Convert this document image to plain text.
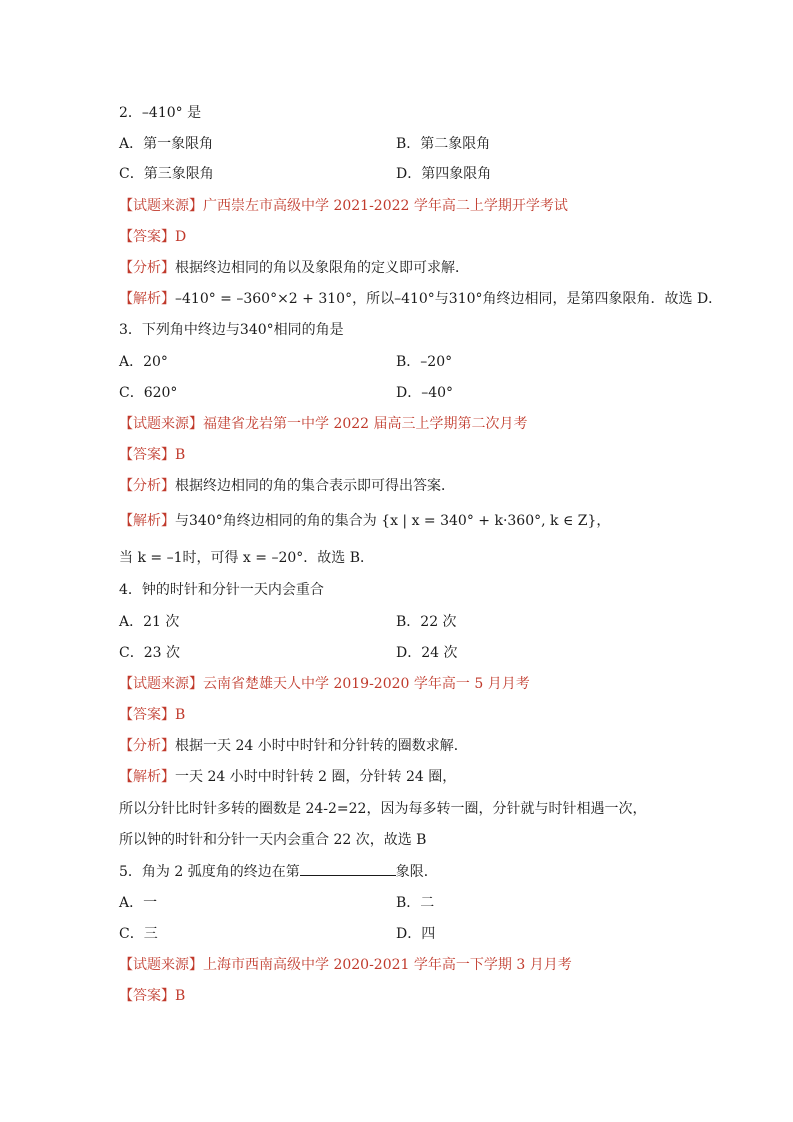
2．–410° 是
A．第一象限角	B．第二象限角
C．第三象限角	D．第四象限角
【试题来源】广西崇左市高级中学 2021-2022 学年高二上学期开学考试
【答案】D
【分析】根据终边相同的角以及象限角的定义即可求解．
【解析】–410° = –360°×2 + 310°，所以–410°与310°角终边相同，是第四象限角．故选 D．
3．下列角中终边与340°相同的角是
A．20°	B．–20°
C．620°	D．–40°
【试题来源】福建省龙岩第一中学 2022 届高三上学期第二次月考
【答案】B
【分析】根据终边相同的角的集合表示即可得出答案．
【解析】与340°角终边相同的角的集合为 {x | x = 340° + k·360°, k ∈ Z}，
当 k = –1时，可得 x = –20°．故选 B．
4．钟的时针和分针一天内会重合
A．21 次	B．22 次
C．23 次	D．24 次
【试题来源】云南省楚雄天人中学 2019-2020 学年高一 5 月月考
【答案】B
【分析】根据一天 24 小时中时针和分针转的圈数求解．
【解析】一天 24 小时中时针转 2 圈，分针转 24 圈，
所以分针比时针多转的圈数是 24-2=22，因为每多转一圈，分针就与时针相遇一次，
所以钟的时针和分针一天内会重合 22 次，故选 B
5．角为 2 弧度角的终边在第	象限．
A．一	B．二
C．三	D．四
【试题来源】上海市西南高级中学 2020-2021 学年高一下学期 3 月月考
【答案】B
